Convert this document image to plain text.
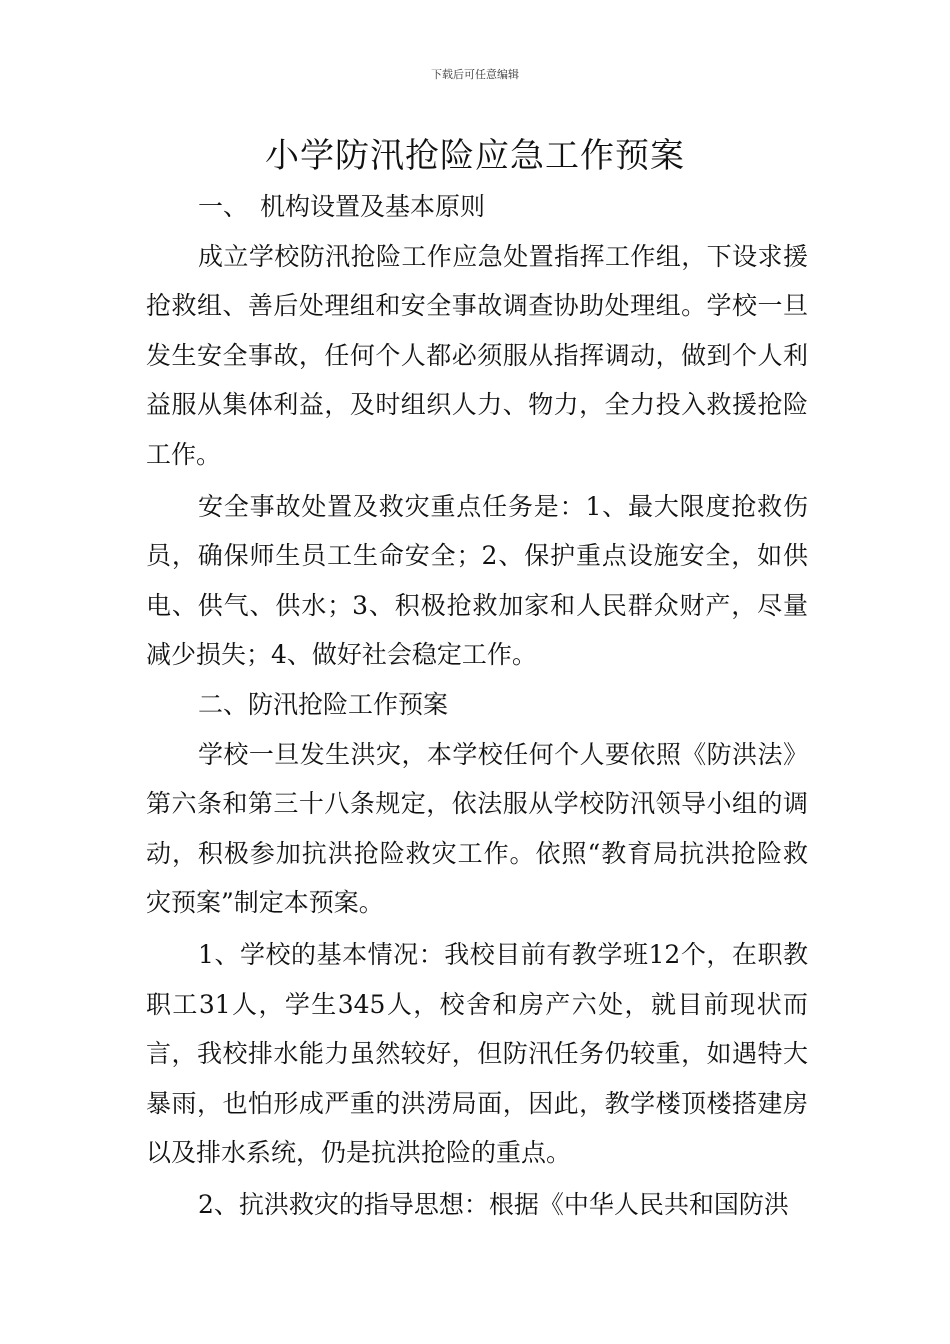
下载后可任意编辑
小学防汛抢险应急工作预案
一、 机构设置及基本原则

成立学校防汛抢险工作应急处置指挥工作组，下设求援抢救组、善后处理组和安全事故调查协助处理组。学校一旦发生安全事故，任何个人都必须服从指挥调动，做到个人利益服从集体利益，及时组织人力、物力，全力投入救援抢险工作。

安全事故处置及救灾重点任务是：1、最大限度抢救伤员，确保师生员工生命安全；2、保护重点设施安全，如供电、供气、供水；3、积极抢救加家和人民群众财产，尽量减少损失；4、做好社会稳定工作。

二、防汛抢险工作预案

学校一旦发生洪灾，本学校任何个人要依照《防洪法》第六条和第三十八条规定，依法服从学校防汛领导小组的调动，积极参加抗洪抢险救灾工作。依照“教育局抗洪抢险救灾预案”制定本预案。

1、学校的基本情况：我校目前有教学班12个，在职教职工31人，学生345人，校舍和房产六处，就目前现状而言，我校排水能力虽然较好，但防汛任务仍较重，如遇特大暴雨，也怕形成严重的洪涝局面，因此，教学楼顶楼搭建房以及排水系统，仍是抗洪抢险的重点。

2、抗洪救灾的指导思想：根据《中华人民共和国防洪
